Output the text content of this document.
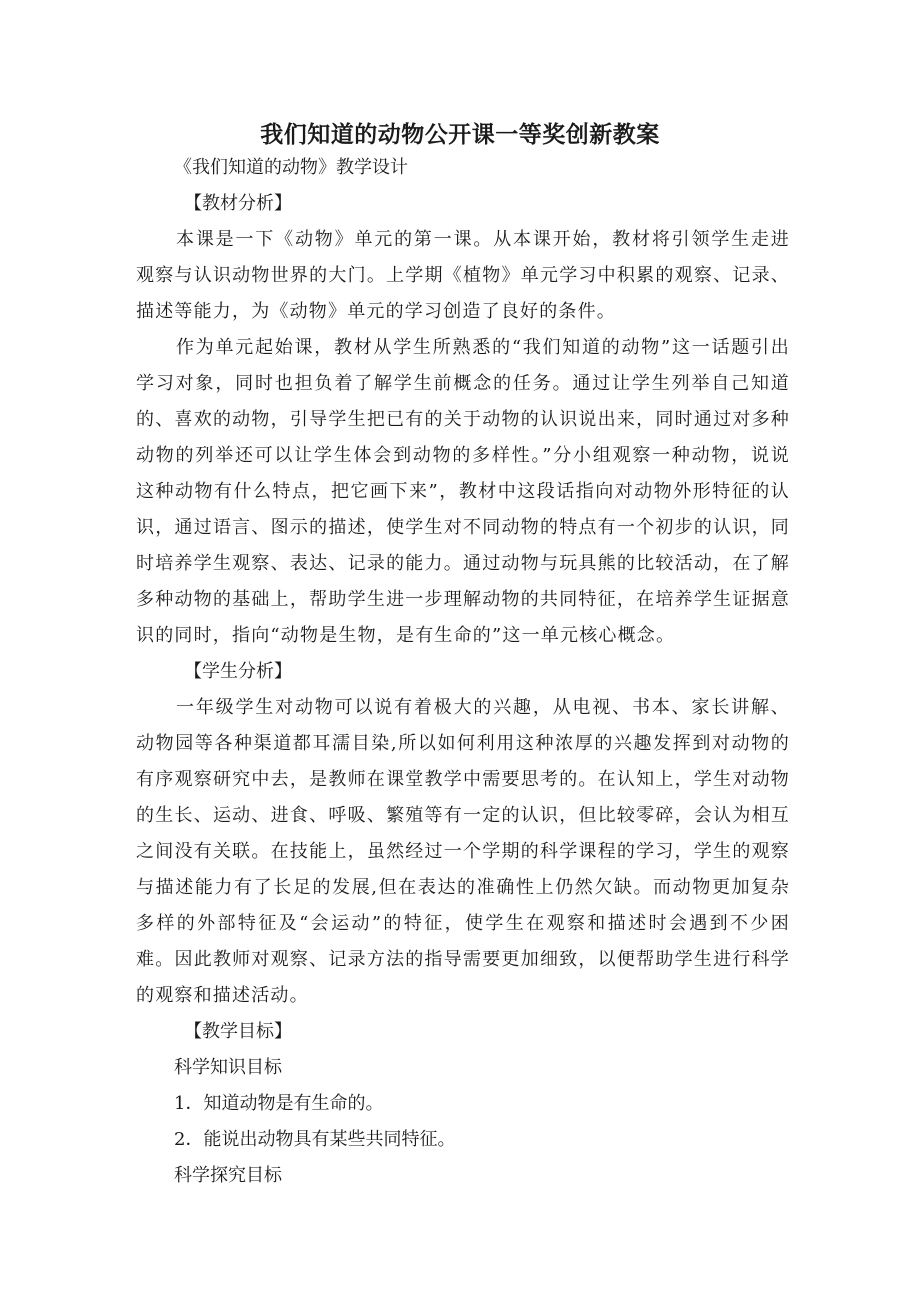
我们知道的动物公开课一等奖创新教案

《我们知道的动物》教学设计

【教材分析】

本课是一下《动物》单元的第一课。从本课开始，教材将引领学生走进观察与认识动物世界的大门。上学期《植物》单元学习中积累的观察、记录、描述等能力，为《动物》单元的学习创造了良好的条件。

作为单元起始课，教材从学生所熟悉的“我们知道的动物”这一话题引出学习对象，同时也担负着了解学生前概念的任务。通过让学生列举自己知道的、喜欢的动物，引导学生把已有的关于动物的认识说出来，同时通过对多种动物的列举还可以让学生体会到动物的多样性。”分小组观察一种动物，说说这种动物有什么特点，把它画下来”，教材中这段话指向对动物外形特征的认识，通过语言、图示的描述，使学生对不同动物的特点有一个初步的认识，同时培养学生观察、表达、记录的能力。通过动物与玩具熊的比较活动，在了解多种动物的基础上，帮助学生进一步理解动物的共同特征，在培养学生证据意识的同时，指向“动物是生物，是有生命的”这一单元核心概念。

【学生分析】

一年级学生对动物可以说有着极大的兴趣，从电视、书本、家长讲解、动物园等各种渠道都耳濡目染,所以如何利用这种浓厚的兴趣发挥到对动物的有序观察研究中去，是教师在课堂教学中需要思考的。在认知上，学生对动物的生长、运动、进食、呼吸、繁殖等有一定的认识，但比较零碎，会认为相互之间没有关联。在技能上，虽然经过一个学期的科学课程的学习，学生的观察与描述能力有了长足的发展,但在表达的准确性上仍然欠缺。而动物更加复杂多样的外部特征及“会运动”的特征，使学生在观察和描述时会遇到不少困难。因此教师对观察、记录方法的指导需要更加细致，以便帮助学生进行科学的观察和描述活动。

【教学目标】

科学知识目标

1．知道动物是有生命的。

2．能说出动物具有某些共同特征。

科学探究目标
